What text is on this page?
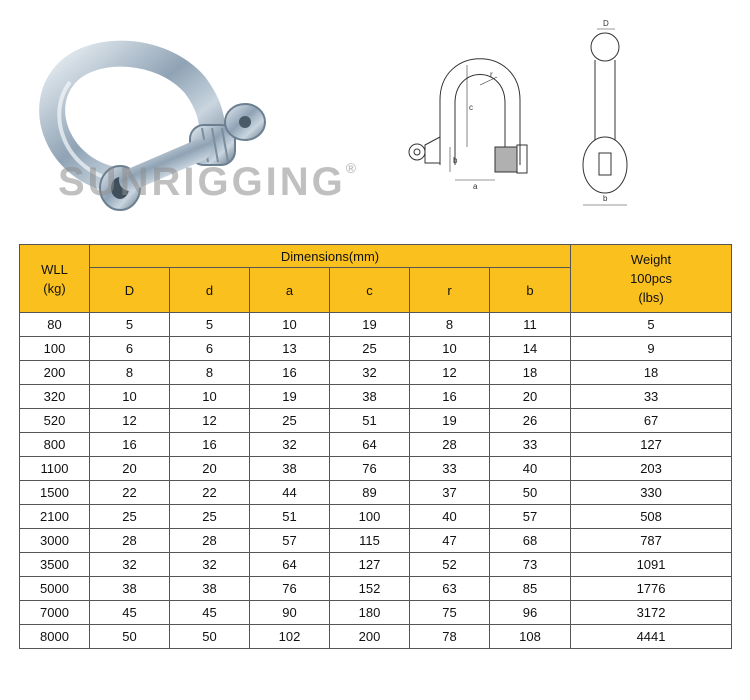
SUNRIGGING®
c
r
b
a
D
b
WLL
(kg)	Dimensions(mm)						Weight
100pcs
(lbs)
	D	d	a	c	r	b	
80	5	5	10	19	8	11	5
100	6	6	13	25	10	14	9
200	8	8	16	32	12	18	18
320	10	10	19	38	16	20	33
520	12	12	25	51	19	26	67
800	16	16	32	64	28	33	127
1100	20	20	38	76	33	40	203
1500	22	22	44	89	37	50	330
2100	25	25	51	100	40	57	508
3000	28	28	57	115	47	68	787
3500	32	32	64	127	52	73	1091
5000	38	38	76	152	63	85	1776
7000	45	45	90	180	75	96	3172
8000	50	50	102	200	78	108	4441
